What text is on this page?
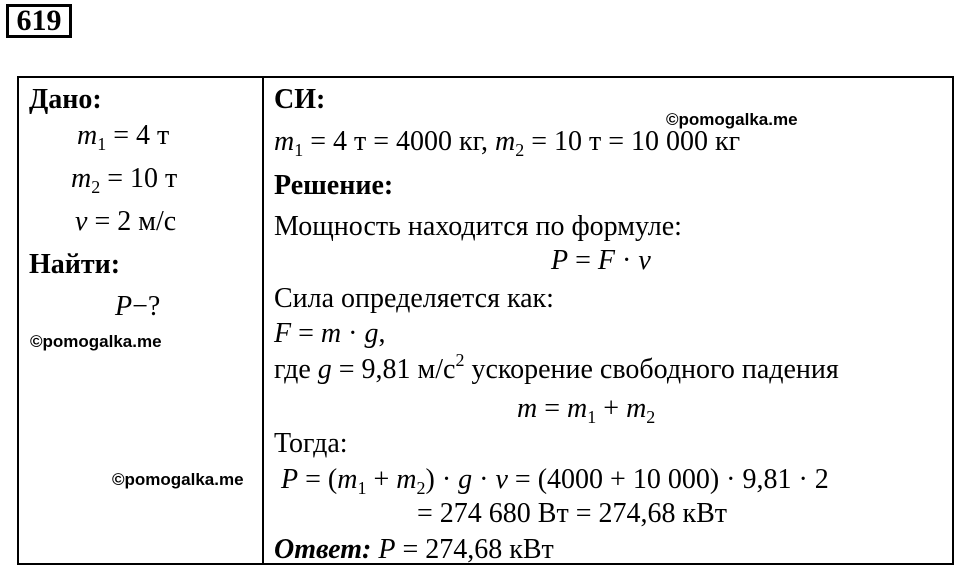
619
Дано:
$m_1 = 4$ т
$m_2 = 10$ т
v = 2 м/с
Найти:
P−?
СИ:
$m_1 = 4$ т = 4000 кг, $m_2 = 10$ т = 10 000 кг
Решение:
Мощность находится по формуле:
P = F · v
Сила определяется как:
F = m · g,
где g = 9,81 $м/с^2$ ускорение свободного падения
$m = m_1 + m_2$
Тогда:
$P = (m_1 + m_2) \cdot g \cdot v = (4000 + 10$ 000) · 9,81 · 2
= 274 680 Вт = 274,68 кВт
Ответ: P = 274,68 кВт
©pomogalka.me
©pomogalka.me
©pomogalka.me
